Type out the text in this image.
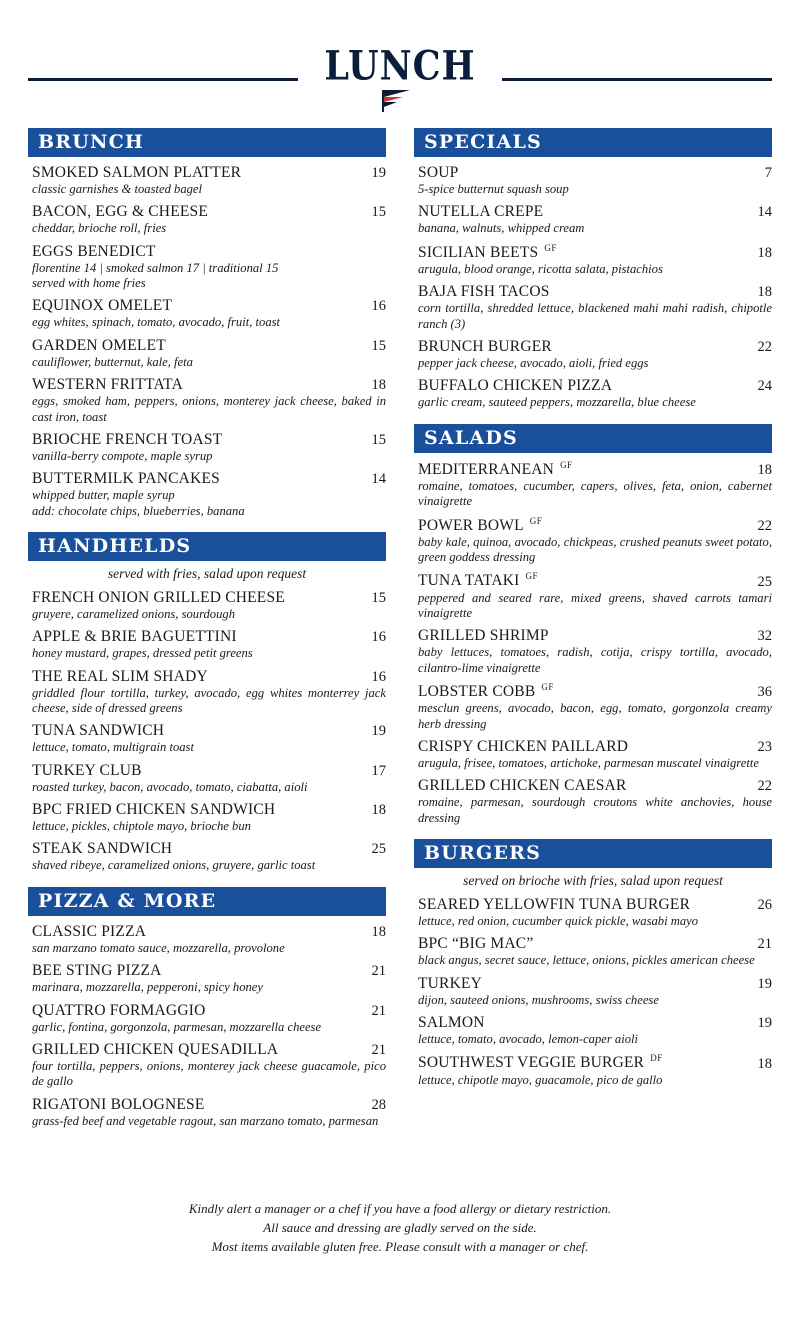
LUNCH
BRUNCH
SMOKED SALMON PLATTER	19
classic garnishes & toasted bagel
BACON, EGG & CHEESE	15
cheddar, brioche roll, fries
EGGS BENEDICT
florentine 14 | smoked salmon 17 | traditional 15
served with home fries
EQUINOX OMELET	16
egg whites, spinach, tomato, avocado, fruit, toast
GARDEN OMELET	15
cauliflower, butternut, kale, feta
WESTERN FRITTATA	18
eggs, smoked ham, peppers, onions, monterey jack cheese, baked in cast iron, toast
BRIOCHE FRENCH TOAST	15
vanilla-berry compote, maple syrup
BUTTERMILK PANCAKES	14
whipped butter, maple syrup
add: chocolate chips, blueberries, banana
HANDHELDS
served with fries, salad upon request
FRENCH ONION GRILLED CHEESE	15
gruyere, caramelized onions, sourdough
APPLE & BRIE BAGUETTINI	16
honey mustard, grapes, dressed petit greens
THE REAL SLIM SHADY	16
griddled flour tortilla, turkey, avocado, egg whites monterrey jack cheese, side of dressed greens
TUNA SANDWICH	19
lettuce, tomato, multigrain toast
TURKEY CLUB	17
roasted turkey, bacon, avocado, tomato, ciabatta, aioli
BPC FRIED CHICKEN SANDWICH	18
lettuce, pickles, chiptole mayo, brioche bun
STEAK SANDWICH	25
shaved ribeye, caramelized onions, gruyere, garlic toast
PIZZA & MORE
CLASSIC PIZZA	18
san marzano tomato sauce, mozzarella, provolone
BEE STING PIZZA	21
marinara, mozzarella, pepperoni, spicy honey
QUATTRO FORMAGGIO	21
garlic, fontina, gorgonzola, parmesan, mozzarella cheese
GRILLED CHICKEN QUESADILLA	21
four tortilla, peppers, onions, monterey jack cheese guacamole, pico de gallo
RIGATONI BOLOGNESE	28
grass-fed beef and vegetable ragout, san marzano tomato, parmesan
SPECIALS
SOUP	7
5-spice butternut squash soup
NUTELLA CREPE	14
banana, walnuts, whipped cream
SICILIAN BEETS $^{GF}$	18
arugula, blood orange, ricotta salata, pistachios
BAJA FISH TACOS	18
corn tortilla, shredded lettuce, blackened mahi mahi radish, chipotle ranch (3)
BRUNCH BURGER	22
pepper jack cheese, avocado, aioli, fried eggs
BUFFALO CHICKEN PIZZA	24
garlic cream, sauteed peppers, mozzarella, blue cheese
SALADS
MEDITERRANEAN $^{GF}$	18
romaine, tomatoes, cucumber, capers, olives, feta, onion, cabernet vinaigrette
POWER BOWL $^{GF}$	22
baby kale, quinoa, avocado, chickpeas, crushed peanuts sweet potato, green goddess dressing
TUNA TATAKI $^{GF}$	25
peppered and seared rare, mixed greens, shaved carrots tamari vinaigrette
GRILLED SHRIMP	32
baby lettuces, tomatoes, radish, cotija, crispy tortilla, avocado, cilantro-lime vinaigrette
LOBSTER COBB $^{GF}$	36
mesclun greens, avocado, bacon, egg, tomato, gorgonzola creamy herb dressing
CRISPY CHICKEN PAILLARD	23
arugula, frisee, tomatoes, artichoke, parmesan muscatel vinaigrette
GRILLED CHICKEN CAESAR	22
romaine, parmesan, sourdough croutons white anchovies, house dressing
BURGERS
served on brioche with fries, salad upon request
SEARED YELLOWFIN TUNA BURGER	26
lettuce, red onion, cucumber quick pickle, wasabi mayo
BPC “BIG MAC”	21
black angus, secret sauce, lettuce, onions, pickles american cheese
TURKEY	19
dijon, sauteed onions, mushrooms, swiss cheese
SALMON	19
lettuce, tomato, avocado, lemon-caper aioli
SOUTHWEST VEGGIE BURGER $^{DF}$	18
lettuce, chipotle mayo, guacamole, pico de gallo
Kindly alert a manager or a chef if you have a food allergy or dietary restriction.
All sauce and dressing are gladly served on the side.
Most items available gluten free. Please consult with a manager or chef.
